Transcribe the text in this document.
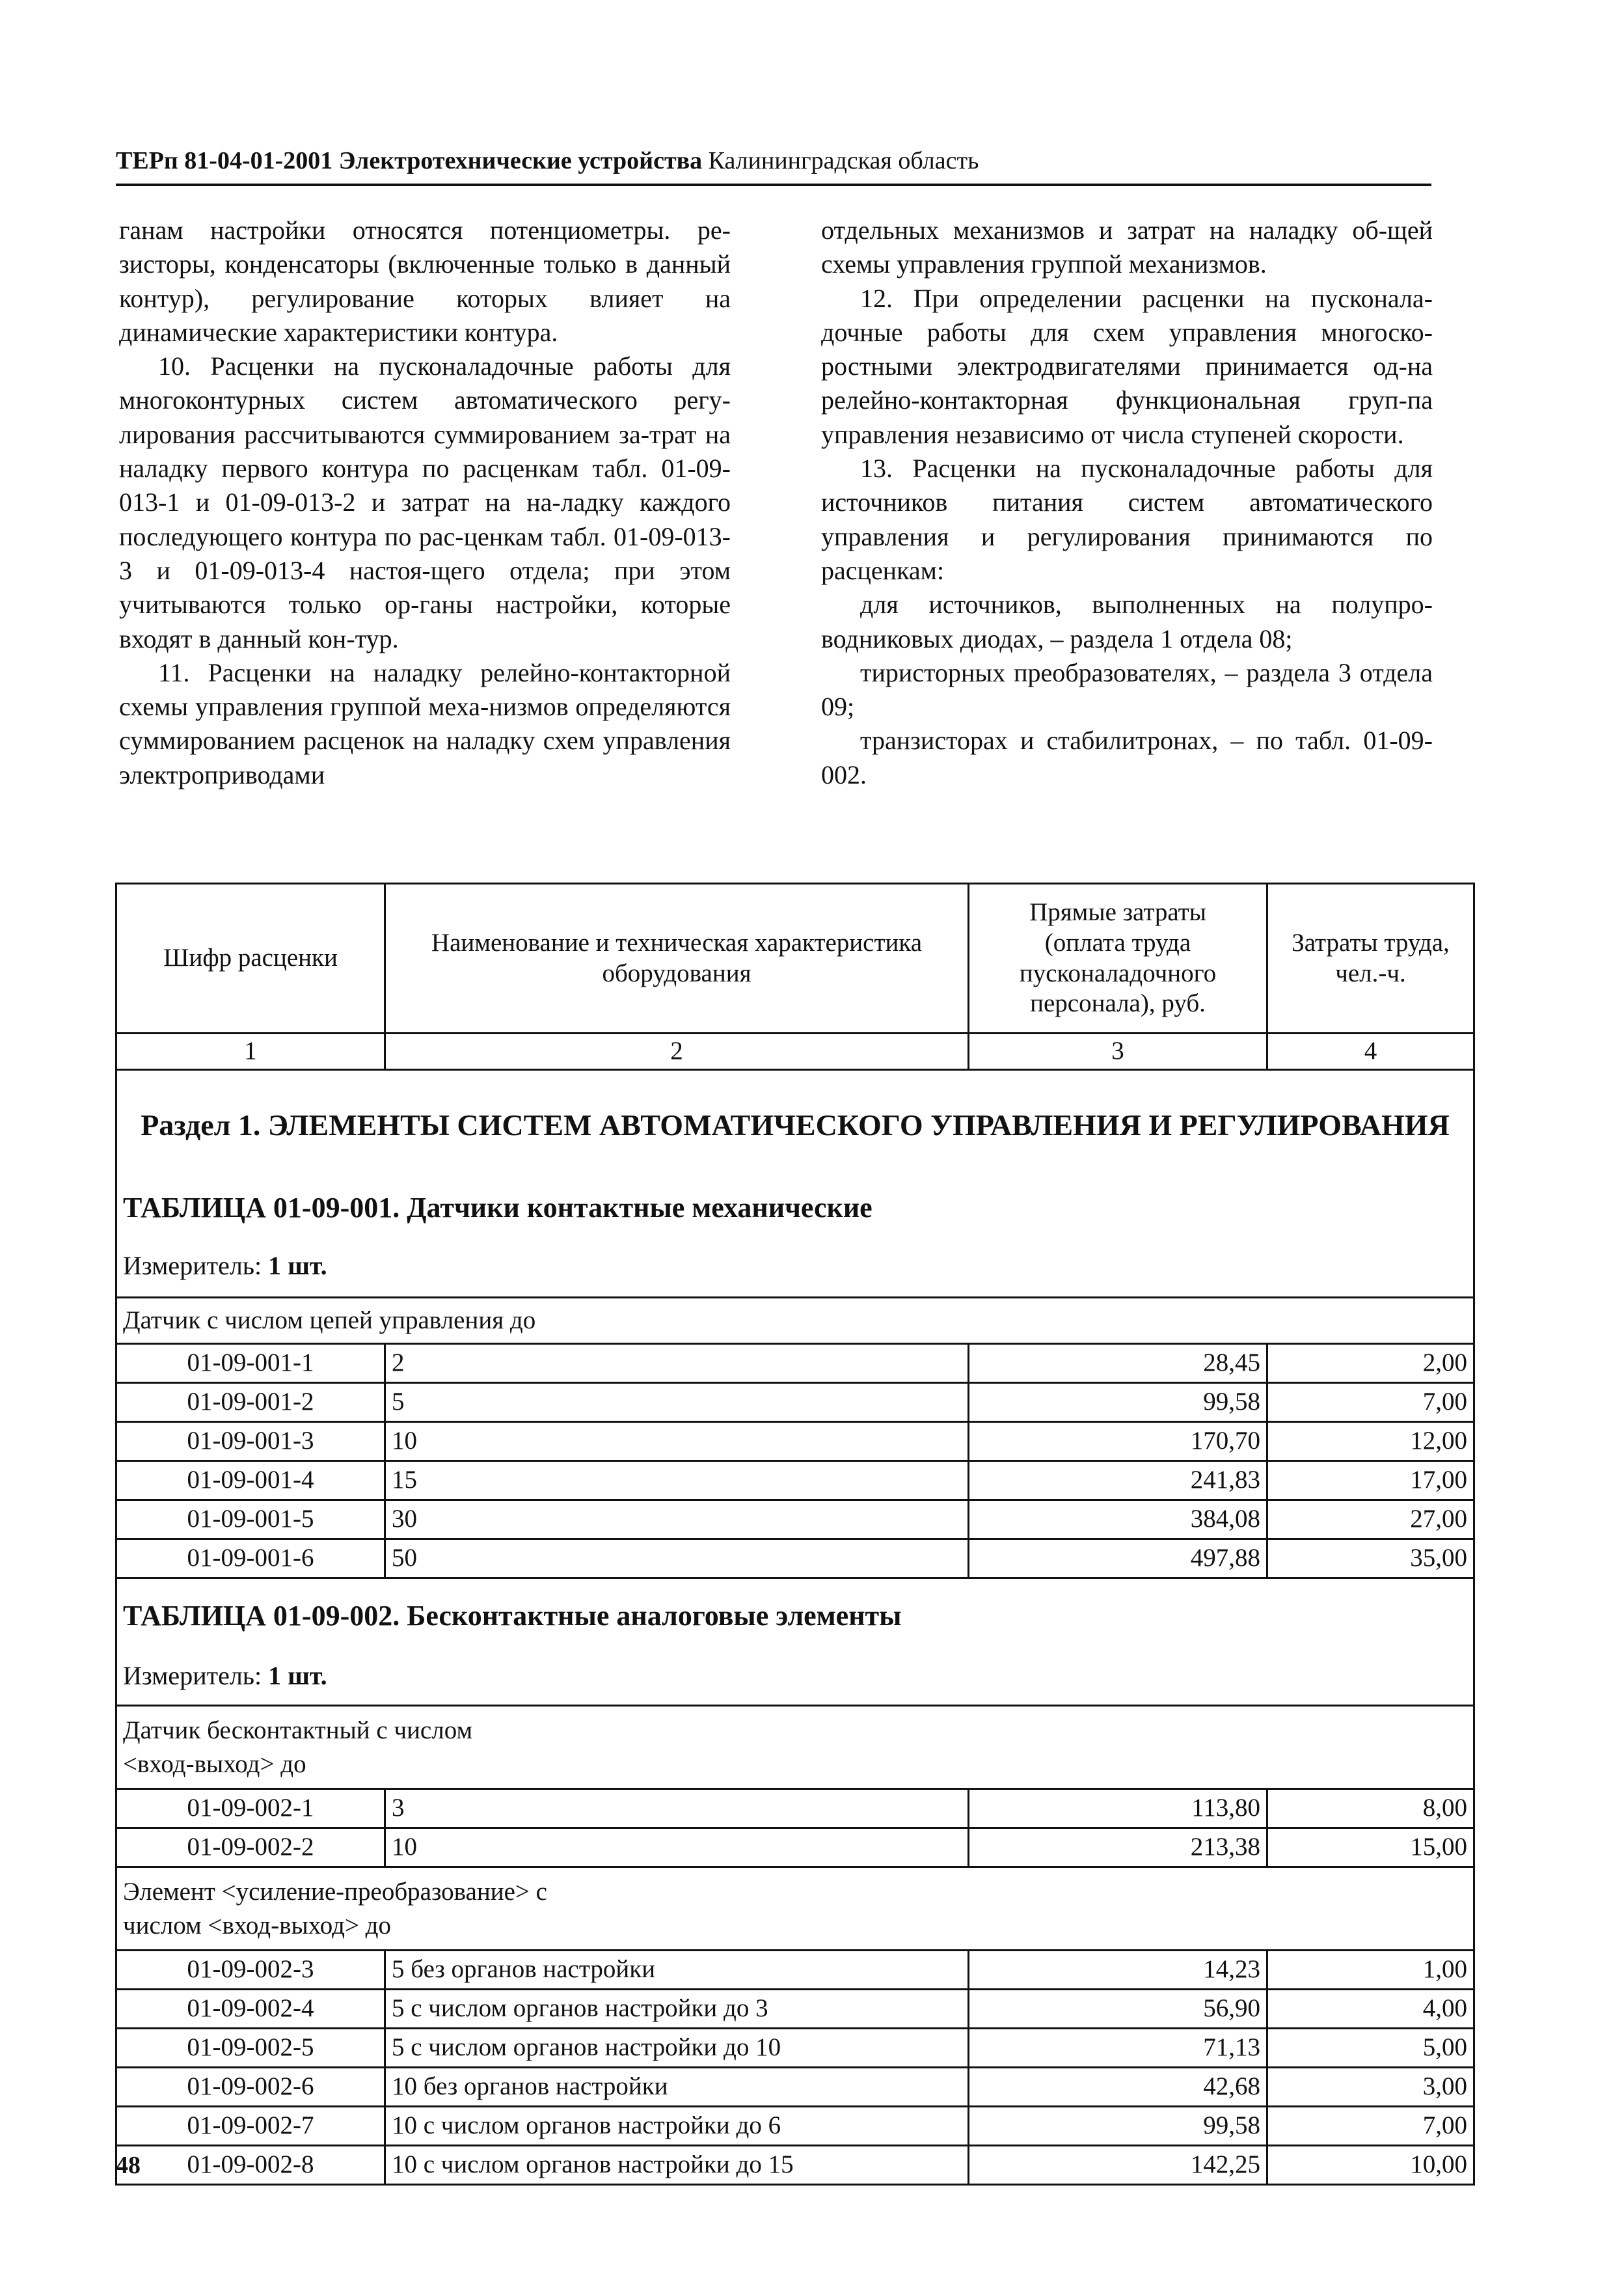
ТЕРп 81-04-01-2001 Электротехнические устройства Калининградская область

ганам настройки относятся потенциометры. ре-зисторы, конденсаторы (включенные только в данный контур), регулирование которых влияет на динамические характеристики контура.

10. Расценки на пусконаладочные работы для многоконтурных систем автоматического регу-лирования рассчитываются суммированием за-трат на наладку первого контура по расценкам табл. 01-09-013-1 и 01-09-013-2 и затрат на на-ладку каждого последующего контура по рас-ценкам табл. 01-09-013-3 и 01-09-013-4 настоя-щего отдела; при этом учитываются только ор-ганы настройки, которые входят в данный кон-тур.

11. Расценки на наладку релейно-контакторной схемы управления группой меха-низмов определяются суммированием расценок на наладку схем управления электроприводами

отдельных механизмов и затрат на наладку об-щей схемы управления группой механизмов.

12. При определении расценки на пусконала-дочные работы для схем управления многоско-ростными электродвигателями принимается од-на релейно-контакторная функциональная груп-па управления независимо от числа ступеней скорости.

13. Расценки на пусконаладочные работы для источников питания систем автоматического управления и регулирования принимаются по расценкам:

для источников, выполненных на полупро-водниковых диодах, – раздела 1 отдела 08;

тиристорных преобразователях, – раздела 3 отдела 09;

транзисторах и стабилитронах, – по табл. 01-09-002.

Шифр расценки	Наименование и техническая характеристика оборудования	Прямые затраты (оплата труда пусконаладочного персонала), руб.	Затраты труда, чел.-ч.
1	2	3	4
Раздел 1. ЭЛЕМЕНТЫ СИСТЕМ АВТОМАТИЧЕСКОГО УПРАВЛЕНИЯ И РЕГУЛИРОВАНИЯ			
ТАБЛИЦА 01-09-001. Датчики контактные механические			
Измеритель: 1 шт.			
Датчик с числом цепей управления до			
01-09-001-1	2	28,45	2,00
01-09-001-2	5	99,58	7,00
01-09-001-3	10	170,70	12,00
01-09-001-4	15	241,83	17,00
01-09-001-5	30	384,08	27,00
01-09-001-6	50	497,88	35,00
ТАБЛИЦА 01-09-002. Бесконтактные аналоговые элементы			
Измеритель: 1 шт.			
Датчик бесконтактный с числом
<вход-выход> до			
01-09-002-1	3	113,80	8,00
01-09-002-2	10	213,38	15,00
Элемент <усиление-преобразование> с
числом <вход-выход> до			
01-09-002-3	5 без органов настройки	14,23	1,00
01-09-002-4	5 с числом органов настройки до 3	56,90	4,00
01-09-002-5	5 с числом органов настройки до 10	71,13	5,00
01-09-002-6	10 без органов настройки	42,68	3,00
01-09-002-7	10 с числом органов настройки до 6	99,58	7,00
01-09-002-8	10 с числом органов настройки до 15	142,25	10,00
48
